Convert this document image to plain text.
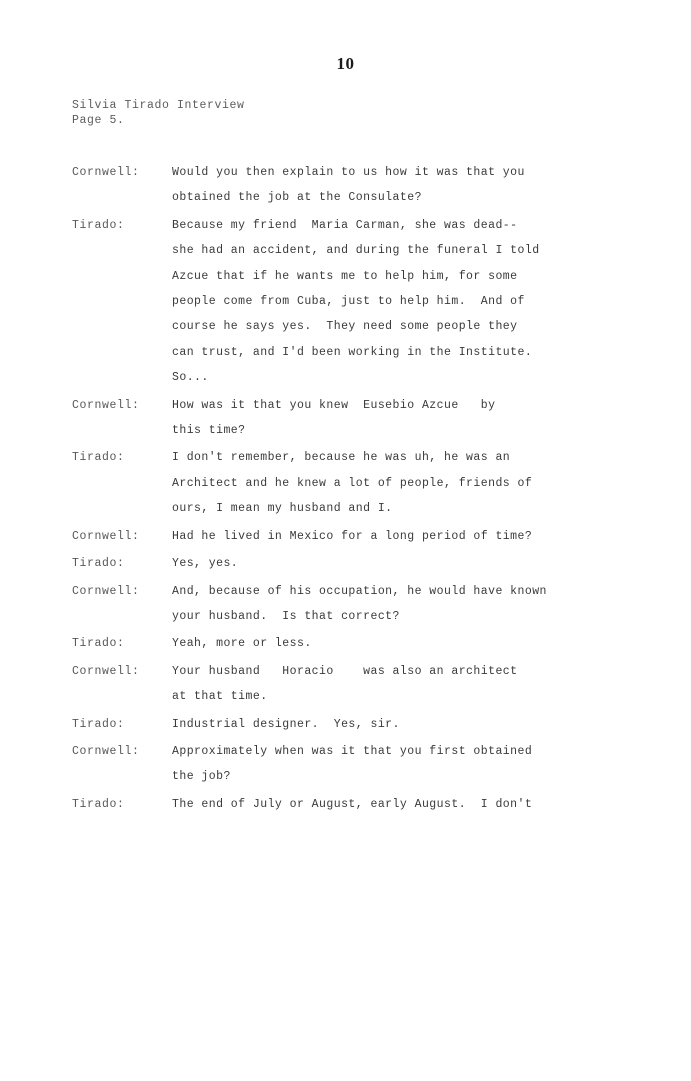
10
Silvia Tirado Interview
Page 5.
Cornwell:	Would you then explain to us how it was that you
obtained the job at the Consulate?
Tirado:	Because my friend  Maria Carman, she was dead--
she had an accident, and during the funeral I told
Azcue that if he wants me to help him, for some
people come from Cuba, just to help him.  And of
course he says yes.  They need some people they
can trust, and I'd been working in the Institute.
So...
Cornwell:	How was it that you knew  Eusebio Azcue   by
this time?
Tirado:	I don't remember, because he was uh, he was an
Architect and he knew a lot of people, friends of
ours, I mean my husband and I.
Cornwell:	Had he lived in Mexico for a long period of time?
Tirado:	Yes, yes.
Cornwell:	And, because of his occupation, he would have known
your husband.  Is that correct?
Tirado:	Yeah, more or less.
Cornwell:	Your husband   Horacio    was also an architect
at that time.
Tirado:	Industrial designer.  Yes, sir.
Cornwell:	Approximately when was it that you first obtained
the job?
Tirado:	The end of July or August, early August.  I don't
